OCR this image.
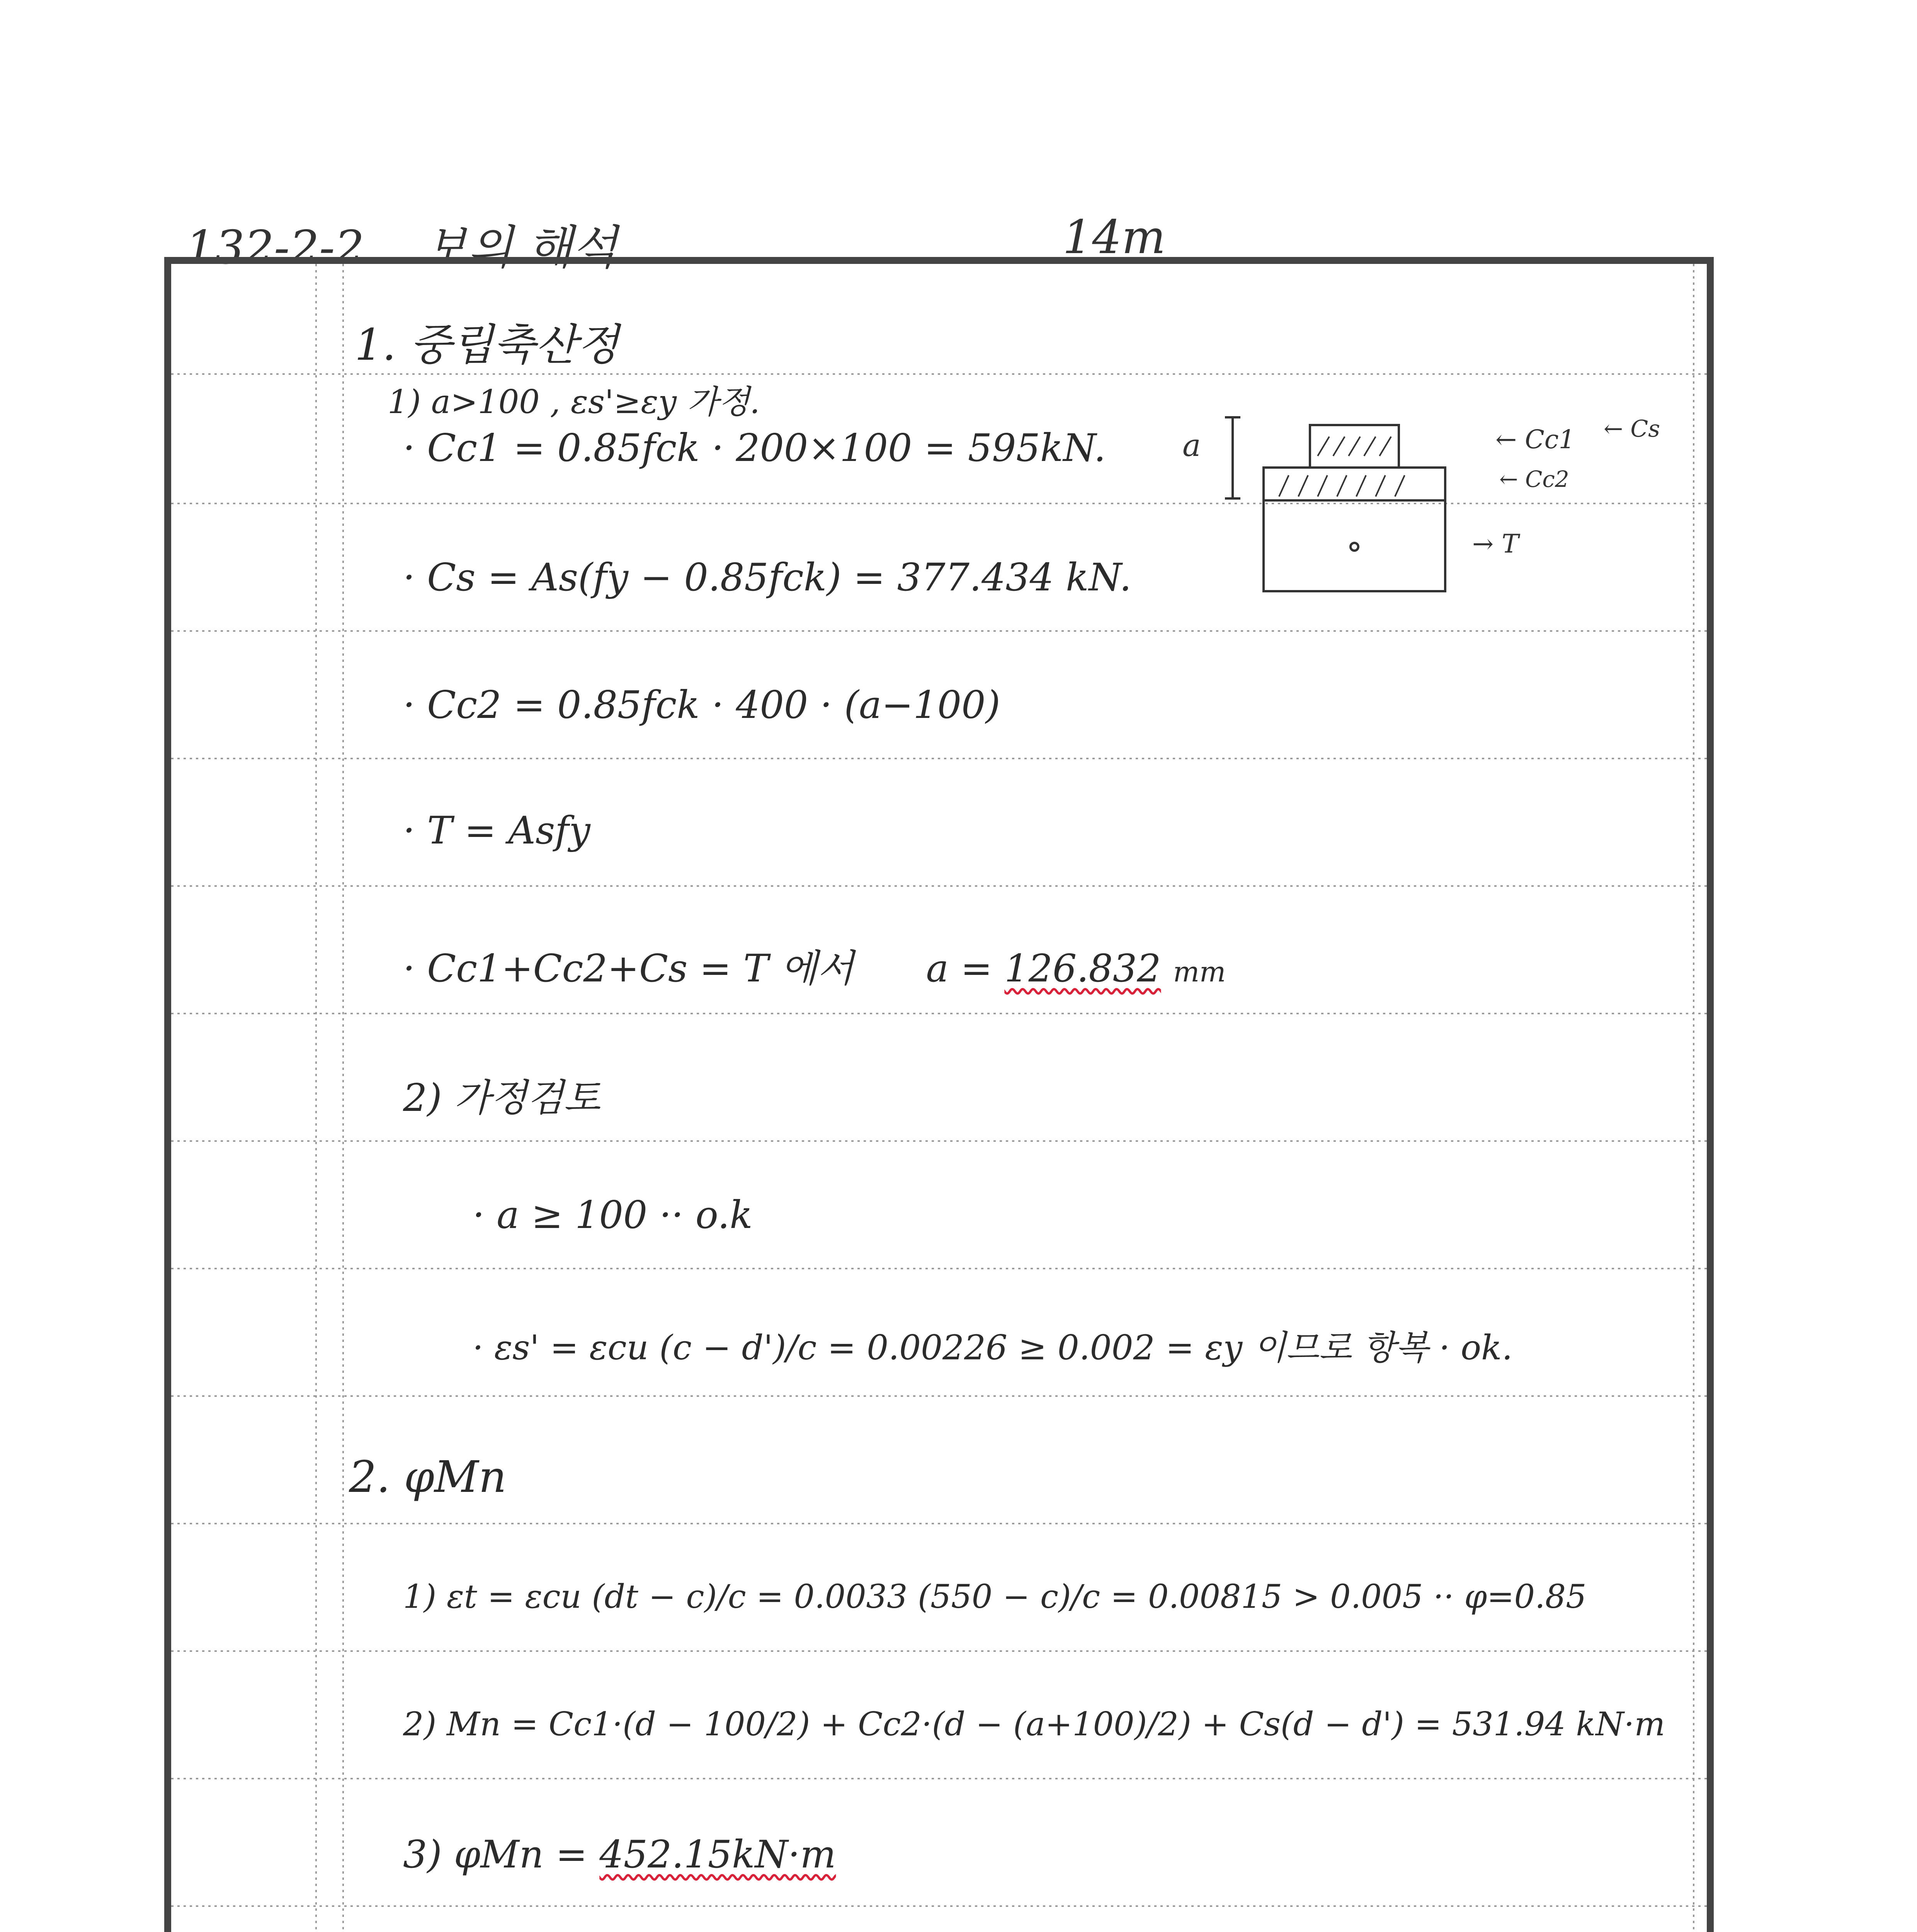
132-2-2 보의 해석	14m
1. 중립축산정
1) a>100 , εs'≥εy 가정.
· Cc1 = 0.85fck · 200×100 = 595kN.
· Cs = As(fy − 0.85fck) = 377.434 kN.
· Cc2 = 0.85fck · 400 · (a−100)
· T = Asfy
· Cc1+Cc2+Cs = T 에서 a = 126.832 mm
2) 가정검토
· a ≥ 100 ·· o.k
· εs' = εcu (c − d')/c = 0.00226 ≥ 0.002 = εy 이므로 항복 · ok.
2. φMn
1) εt = εcu (dt − c)/c = 0.0033 (550 − c)/c = 0.00815 > 0.005 ·· φ=0.85
2) Mn = Cc1·(d − 100/2) + Cc2·(d − (a+100)/2) + Cs(d − d') = 531.94 kN·m
3) φMn = 452.15kN·m
a	← Cc1 ← Cs
← Cc2
→ T
